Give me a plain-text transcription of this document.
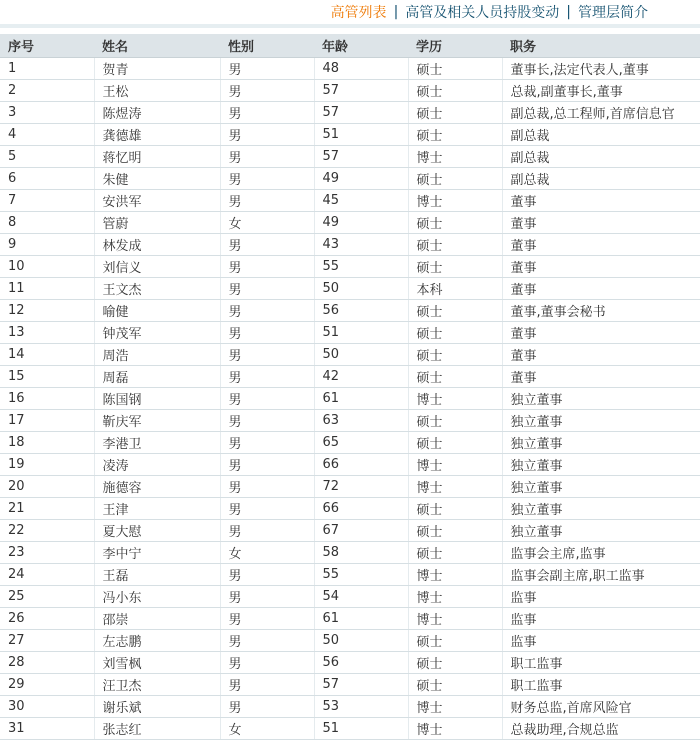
高管列表 | 高管及相关人员持股变动 | 管理层简介
序号	姓名	性别	年龄	学历	职务
1	贺青	男	48	硕士	董事长,法定代表人,董事
2	王松	男	57	硕士	总裁,副董事长,董事
3	陈煜涛	男	57	硕士	副总裁,总工程师,首席信息官
4	龚德雄	男	51	硕士	副总裁
5	蒋忆明	男	57	博士	副总裁
6	朱健	男	49	硕士	副总裁
7	安洪军	男	45	博士	董事
8	管蔚	女	49	硕士	董事
9	林发成	男	43	硕士	董事
10	刘信义	男	55	硕士	董事
11	王文杰	男	50	本科	董事
12	喻健	男	56	硕士	董事,董事会秘书
13	钟茂军	男	51	硕士	董事
14	周浩	男	50	硕士	董事
15	周磊	男	42	硕士	董事
16	陈国钢	男	61	博士	独立董事
17	靳庆军	男	63	硕士	独立董事
18	李港卫	男	65	硕士	独立董事
19	凌涛	男	66	博士	独立董事
20	施德容	男	72	博士	独立董事
21	王津	男	66	硕士	独立董事
22	夏大慰	男	67	硕士	独立董事
23	李中宁	女	58	硕士	监事会主席,监事
24	王磊	男	55	博士	监事会副主席,职工监事
25	冯小东	男	54	博士	监事
26	邵崇	男	61	博士	监事
27	左志鹏	男	50	硕士	监事
28	刘雪枫	男	56	硕士	职工监事
29	汪卫杰	男	57	硕士	职工监事
30	谢乐斌	男	53	博士	财务总监,首席风险官
31	张志红	女	51	博士	总裁助理,合规总监
